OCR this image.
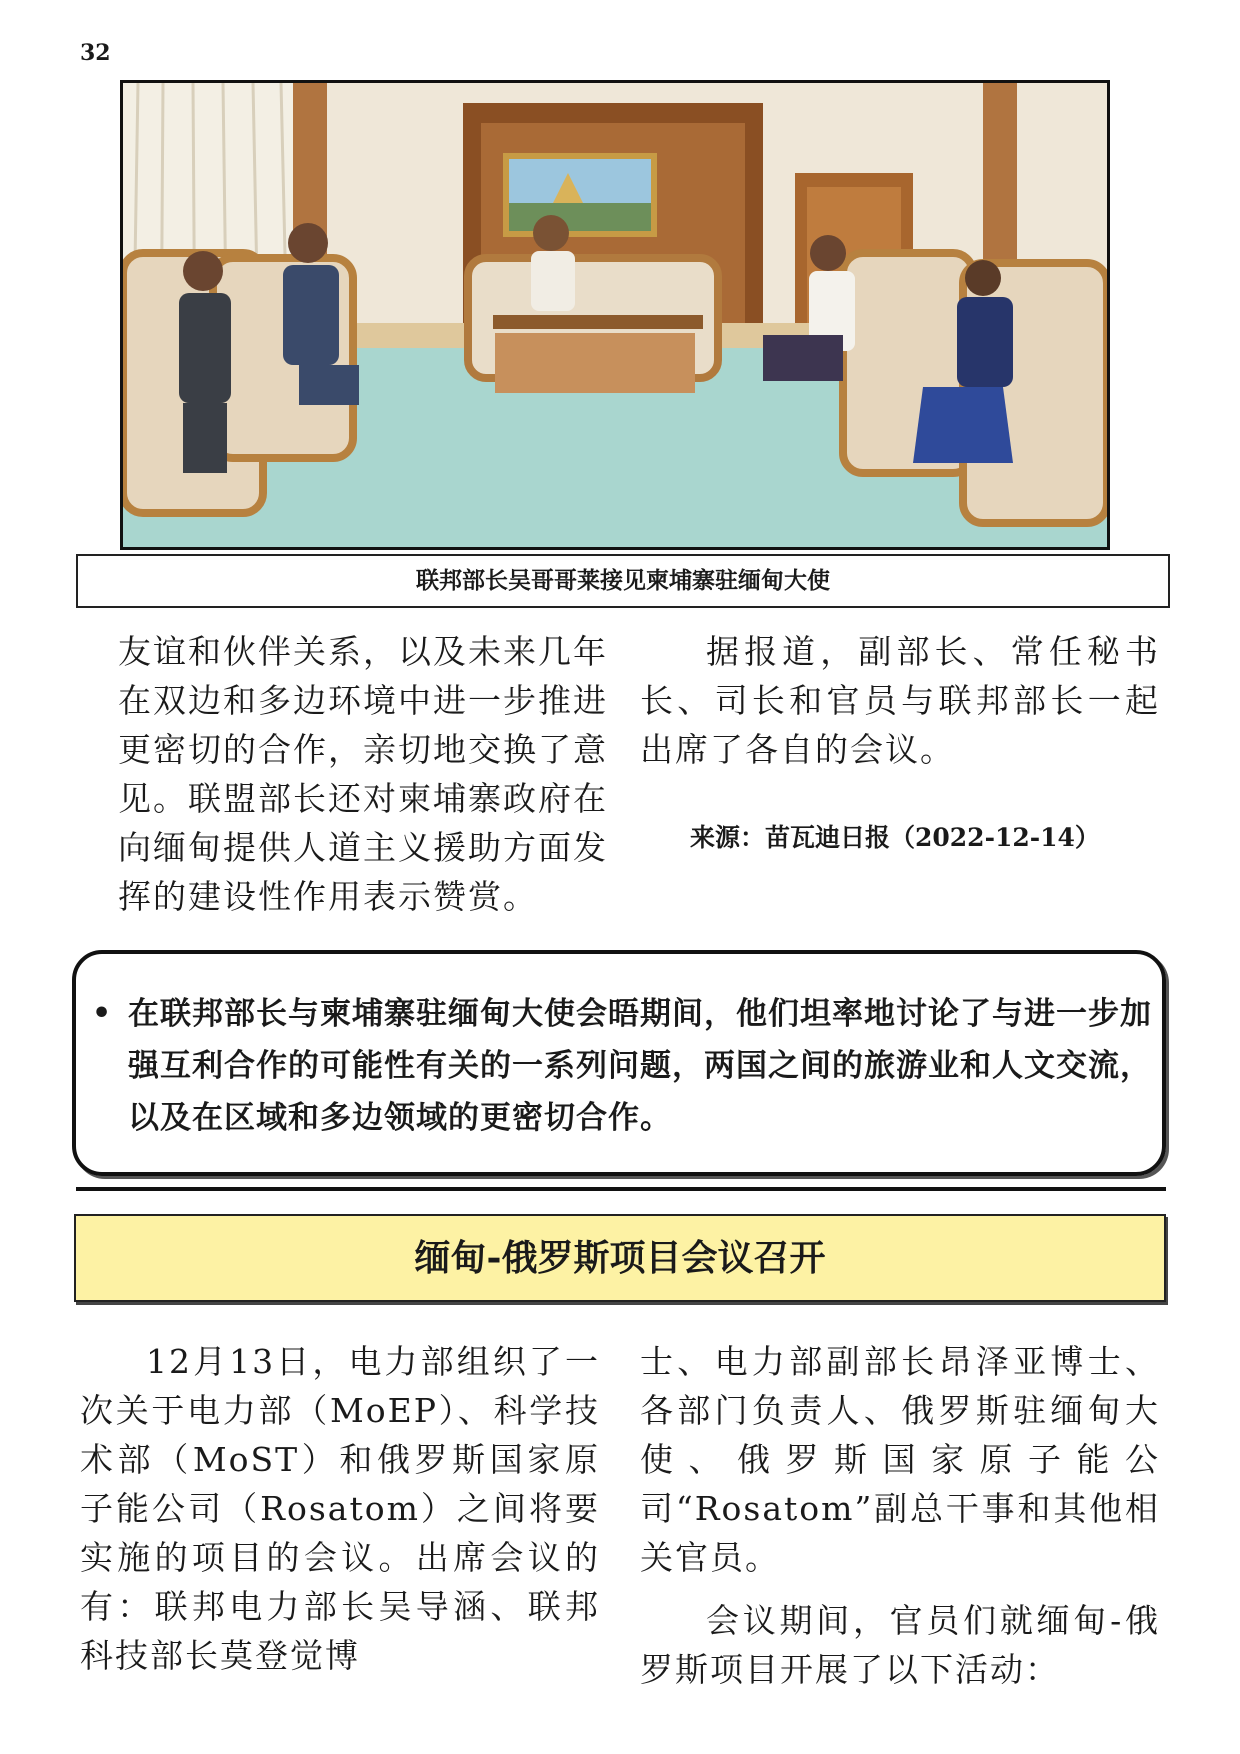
32
联邦部长吴哥哥莱接见柬埔寨驻缅甸大使

友谊和伙伴关系，以及未来几年在双边和多边环境中进一步推进更密切的合作，亲切地交换了意见。联盟部长还对柬埔寨政府在向缅甸提供人道主义援助方面发挥的建设性作用表示赞赏。

据报道，副部长、常任秘书长、司长和官员与联邦部长一起出席了各自的会议。

来源：苗瓦迪日报（2022-12-14）
• 在联邦部长与柬埔寨驻缅甸大使会晤期间，他们坦率地讨论了与进一步加强互利合作的可能性有关的一系列问题，两国之间的旅游业和人文交流，以及在区域和多边领域的更密切合作。

缅甸-俄罗斯项目会议召开

12月13日，电力部组织了一次关于电力部（MoEP）、科学技术部（MoST）和俄罗斯国家原子能公司（Rosatom）之间将要实施的项目的会议。出席会议的有：联邦电力部长吴导涵、联邦科技部长莫登觉博

士、电力部副部长昂泽亚博士、各部门负责人、俄罗斯驻缅甸大使、俄罗斯国家原子能公司“Rosatom”副总干事和其他相关官员。

会议期间，官员们就缅甸-俄罗斯项目开展了以下活动：
